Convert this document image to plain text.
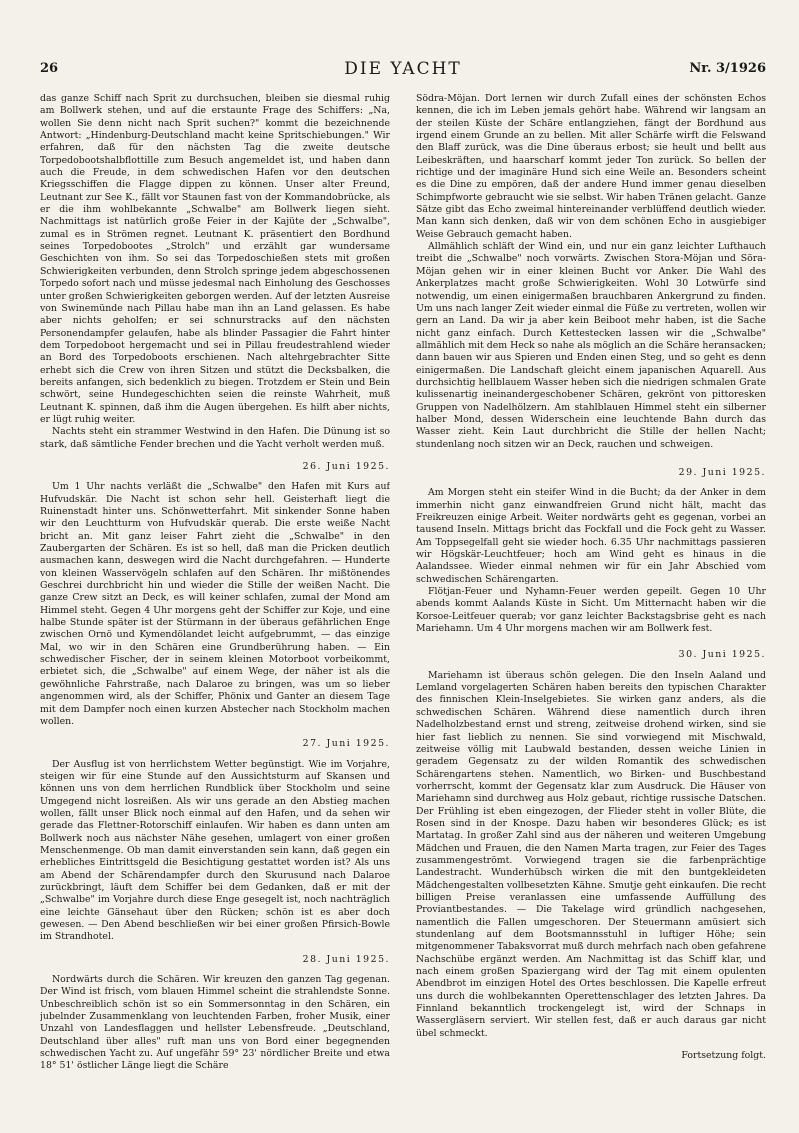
26	DIE YACHT	Nr. 3/1926

das ganze Schiff nach Sprit zu durchsuchen, bleiben sie diesmal ruhig am Bollwerk stehen, und auf die erstaunte Frage des Schiffers: „Na, wollen Sie denn nicht nach Sprit suchen?" kommt die bezeichnende Antwort: „Hindenburg-Deutschland macht keine Spritschiebungen." Wir erfahren, daß für den nächsten Tag die zweite deutsche Torpedobootshalbflottille zum Besuch angemeldet ist, und haben dann auch die Freude, in dem schwedischen Hafen vor den deutschen Kriegsschiffen die Flagge dippen zu können. Unser alter Freund, Leutnant zur See K., fällt vor Staunen fast von der Kommandobrücke, als er die ihm wohlbekannte „Schwalbe" am Bollwerk liegen sieht. Nachmittags ist natürlich große Feier in der Kajüte der „Schwalbe", zumal es in Strömen regnet. Leutnant K. präsentiert den Bordhund seines Torpedobootes „Strolch" und erzählt gar wundersame Geschichten von ihm. So sei das Torpedoschießen stets mit großen Schwierigkeiten verbunden, denn Strolch springe jedem abgeschossenen Torpedo sofort nach und müsse jedesmal nach Einholung des Geschosses unter großen Schwierigkeiten geborgen werden. Auf der letzten Ausreise von Swinemünde nach Pillau habe man ihn an Land gelassen. Es habe aber nichts geholfen; er sei schnurstracks auf den nächsten Personendampfer gelaufen, habe als blinder Passagier die Fahrt hinter dem Torpedoboot hergemacht und sei in Pillau freudestrahlend wieder an Bord des Torpedoboots erschienen. Nach altehrgebrachter Sitte erhebt sich die Crew von ihren Sitzen und stützt die Decksbalken, die bereits anfangen, sich bedenklich zu biegen. Trotzdem er Stein und Bein schwört, seine Hundegeschichten seien die reinste Wahrheit, muß Leutnant K. spinnen, daß ihm die Augen übergehen. Es hilft aber nichts, er lügt ruhig weiter.

Nachts steht ein strammer Westwind in den Hafen. Die Dünung ist so stark, daß sämtliche Fender brechen und die Yacht verholt werden muß.

26. Juni 1925.

Um 1 Uhr nachts verläßt die „Schwalbe" den Hafen mit Kurs auf Hufvudskär. Die Nacht ist schon sehr hell. Geisterhaft liegt die Ruinenstadt hinter uns. Schönwetterfahrt. Mit sinkender Sonne haben wir den Leuchtturm von Hufvudskär querab. Die erste weiße Nacht bricht an. Mit ganz leiser Fahrt zieht die „Schwalbe" in den Zaubergarten der Schären. Es ist so hell, daß man die Pricken deutlich ausmachen kann, deswegen wird die Nacht durchgefahren. — Hunderte von kleinen Wasservögeln schlafen auf den Schären. Ihr mißtönendes Geschrei durchbricht hin und wieder die Stille der weißen Nacht. Die ganze Crew sitzt an Deck, es will keiner schlafen, zumal der Mond am Himmel steht. Gegen 4 Uhr morgens geht der Schiffer zur Koje, und eine halbe Stunde später ist der Stürmann in der überaus gefährlichen Enge zwischen Ornö und Kymendölandet leicht aufgebrummt, — das einzige Mal, wo wir in den Schären eine Grundberührung haben. — Ein schwedischer Fischer, der in seinem kleinen Motorboot vorbeikommt, erbietet sich, die „Schwalbe" auf einem Wege, der näher ist als die gewöhnliche Fahrstraße, nach Dalaroe zu bringen, was um so lieber angenommen wird, als der Schiffer, Phönix und Ganter an diesem Tage mit dem Dampfer noch einen kurzen Abstecher nach Stockholm machen wollen.

27. Juni 1925.

Der Ausflug ist von herrlichstem Wetter begünstigt. Wie im Vorjahre, steigen wir für eine Stunde auf den Aussichtsturm auf Skansen und können uns von dem herrlichen Rundblick über Stockholm und seine Umgegend nicht losreißen. Als wir uns gerade an den Abstieg machen wollen, fällt unser Blick noch einmal auf den Hafen, und da sehen wir gerade das Flettner-Rotorschiff einlaufen. Wir haben es dann unten am Bollwerk noch aus nächster Nähe gesehen, umlagert von einer großen Menschenmenge. Ob man damit einverstanden sein kann, daß gegen ein erhebliches Eintrittsgeld die Besichtigung gestattet worden ist? Als uns am Abend der Schärendampfer durch den Skurusund nach Dalaroe zurückbringt, läuft dem Schiffer bei dem Gedanken, daß er mit der „Schwalbe" im Vorjahre durch diese Enge gesegelt ist, noch nachträglich eine leichte Gänsehaut über den Rücken; schön ist es aber doch gewesen. — Den Abend beschließen wir bei einer großen Pfirsich-Bowle im Strandhotel.

28. Juni 1925.

Nordwärts durch die Schären. Wir kreuzen den ganzen Tag gegenan. Der Wind ist frisch, vom blauen Himmel scheint die strahlendste Sonne. Unbeschreiblich schön ist so ein Sommersonntag in den Schären, ein jubelnder Zusammenklang von leuchtenden Farben, froher Musik, einer Unzahl von Landesflaggen und hellster Lebensfreude. „Deutschland, Deutschland über alles" ruft man uns von Bord einer begegnenden schwedischen Yacht zu. Auf ungefähr 59° 23' nördlicher Breite und etwa 18° 51' östlicher Länge liegt die Schäre

Södra-Möjan. Dort lernen wir durch Zufall eines der schönsten Echos kennen, die ich im Leben jemals gehört habe. Während wir langsam an der steilen Küste der Schäre entlangziehen, fängt der Bordhund aus irgend einem Grunde an zu bellen. Mit aller Schärfe wirft die Felswand den Blaff zurück, was die Dine überaus erbost; sie heult und bellt aus Leibeskräften, und haarscharf kommt jeder Ton zurück. So bellen der richtige und der imaginäre Hund sich eine Weile an. Besonders scheint es die Dine zu empören, daß der andere Hund immer genau dieselben Schimpfworte gebraucht wie sie selbst. Wir haben Tränen gelacht. Ganze Sätze gibt das Echo zweimal hintereinander verblüffend deutlich wieder. Man kann sich denken, daß wir von dem schönen Echo in ausgiebiger Weise Gebrauch gemacht haben.

Allmählich schläft der Wind ein, und nur ein ganz leichter Lufthauch treibt die „Schwalbe" noch vorwärts. Zwischen Stora-Möjan und Söra-Möjan gehen wir in einer kleinen Bucht vor Anker. Die Wahl des Ankerplatzes macht große Schwierigkeiten. Wohl 30 Lotwürfe sind notwendig, um einen einigermaßen brauchbaren Ankergrund zu finden. Um uns nach langer Zeit wieder einmal die Füße zu vertreten, wollen wir gern an Land. Da wir ja aber kein Beiboot mehr haben, ist die Sache nicht ganz einfach. Durch Kettestecken lassen wir die „Schwalbe" allmählich mit dem Heck so nahe als möglich an die Schäre heransacken; dann bauen wir aus Spieren und Enden einen Steg, und so geht es denn einigermaßen. Die Landschaft gleicht einem japanischen Aquarell. Aus durchsichtig hellblauem Wasser heben sich die niedrigen schmalen Grate kulissenartig ineinandergeschobener Schären, gekrönt von pittoresken Gruppen von Nadelhölzern. Am stahlblauen Himmel steht ein silberner halber Mond, dessen Widerschein eine leuchtende Bahn durch das Wasser zieht. Kein Laut durchbricht die Stille der hellen Nacht; stundenlang noch sitzen wir an Deck, rauchen und schweigen.

29. Juni 1925.

Am Morgen steht ein steifer Wind in die Bucht; da der Anker in dem immerhin nicht ganz einwandfreien Grund nicht hält, macht das Freikreuzen einige Arbeit. Weiter nordwärts geht es gegenan, vorbei an tausend Inseln. Mittags bricht das Fockfall und die Fock geht zu Wasser. Am Toppsegelfall geht sie wieder hoch. 6.35 Uhr nachmittags passieren wir Högskär-Leuchtfeuer; hoch am Wind geht es hinaus in die Aalandssee. Wieder einmal nehmen wir für ein Jahr Abschied vom schwedischen Schärengarten.

Flötjan-Feuer und Nyhamn-Feuer werden gepeilt. Gegen 10 Uhr abends kommt Aalands Küste in Sicht. Um Mitternacht haben wir die Korsoe-Leitfeuer querab; vor ganz leichter Backstagsbrise geht es nach Mariehamn. Um 4 Uhr morgens machen wir am Bollwerk fest.

30. Juni 1925.

Mariehamn ist überaus schön gelegen. Die den Inseln Aaland und Lemland vorgelagerten Schären haben bereits den typischen Charakter des finnischen Klein-Inselgebietes. Sie wirken ganz anders, als die schwedischen Schären. Während diese namentlich durch ihren Nadelholzbestand ernst und streng, zeitweise drohend wirken, sind sie hier fast lieblich zu nennen. Sie sind vorwiegend mit Mischwald, zeitweise völlig mit Laubwald bestanden, dessen weiche Linien in geradem Gegensatz zu der wilden Romantik des schwedischen Schärengartens stehen. Namentlich, wo Birken- und Buschbestand vorherrscht, kommt der Gegensatz klar zum Ausdruck. Die Häuser von Mariehamn sind durchweg aus Holz gebaut, richtige russische Datschen. Der Frühling ist eben eingezogen, der Flieder steht in voller Blüte, die Rosen sind in der Knospe. Dazu haben wir besonderes Glück; es ist Martatag. In großer Zahl sind aus der näheren und weiteren Umgebung Mädchen und Frauen, die den Namen Marta tragen, zur Feier des Tages zusammengeströmt. Vorwiegend tragen sie die farbenprächtige Landestracht. Wunderhübsch wirken die mit den buntgekleideten Mädchengestalten vollbesetzten Kähne. Smutje geht einkaufen. Die recht billigen Preise veranlassen eine umfassende Auffüllung des Proviantbestandes. — Die Takelage wird gründlich nachgesehen, namentlich die Fallen umgeschoren. Der Steuermann amüsiert sich stundenlang auf dem Bootsmannsstuhl in luftiger Höhe; sein mitgenommener Tabaksvorrat muß durch mehrfach nach oben gefahrene Nachschübe ergänzt werden. Am Nachmittag ist das Schiff klar, und nach einem großen Spaziergang wird der Tag mit einem opulenten Abendbrot im einzigen Hotel des Ortes beschlossen. Die Kapelle erfreut uns durch die wohlbekannten Operettenschlager des letzten Jahres. Da Finnland bekanntlich trockengelegt ist, wird der Schnaps in Wassergläsern serviert. Wir stellen fest, daß er auch daraus gar nicht übel schmeckt.

Fortsetzung folgt.
